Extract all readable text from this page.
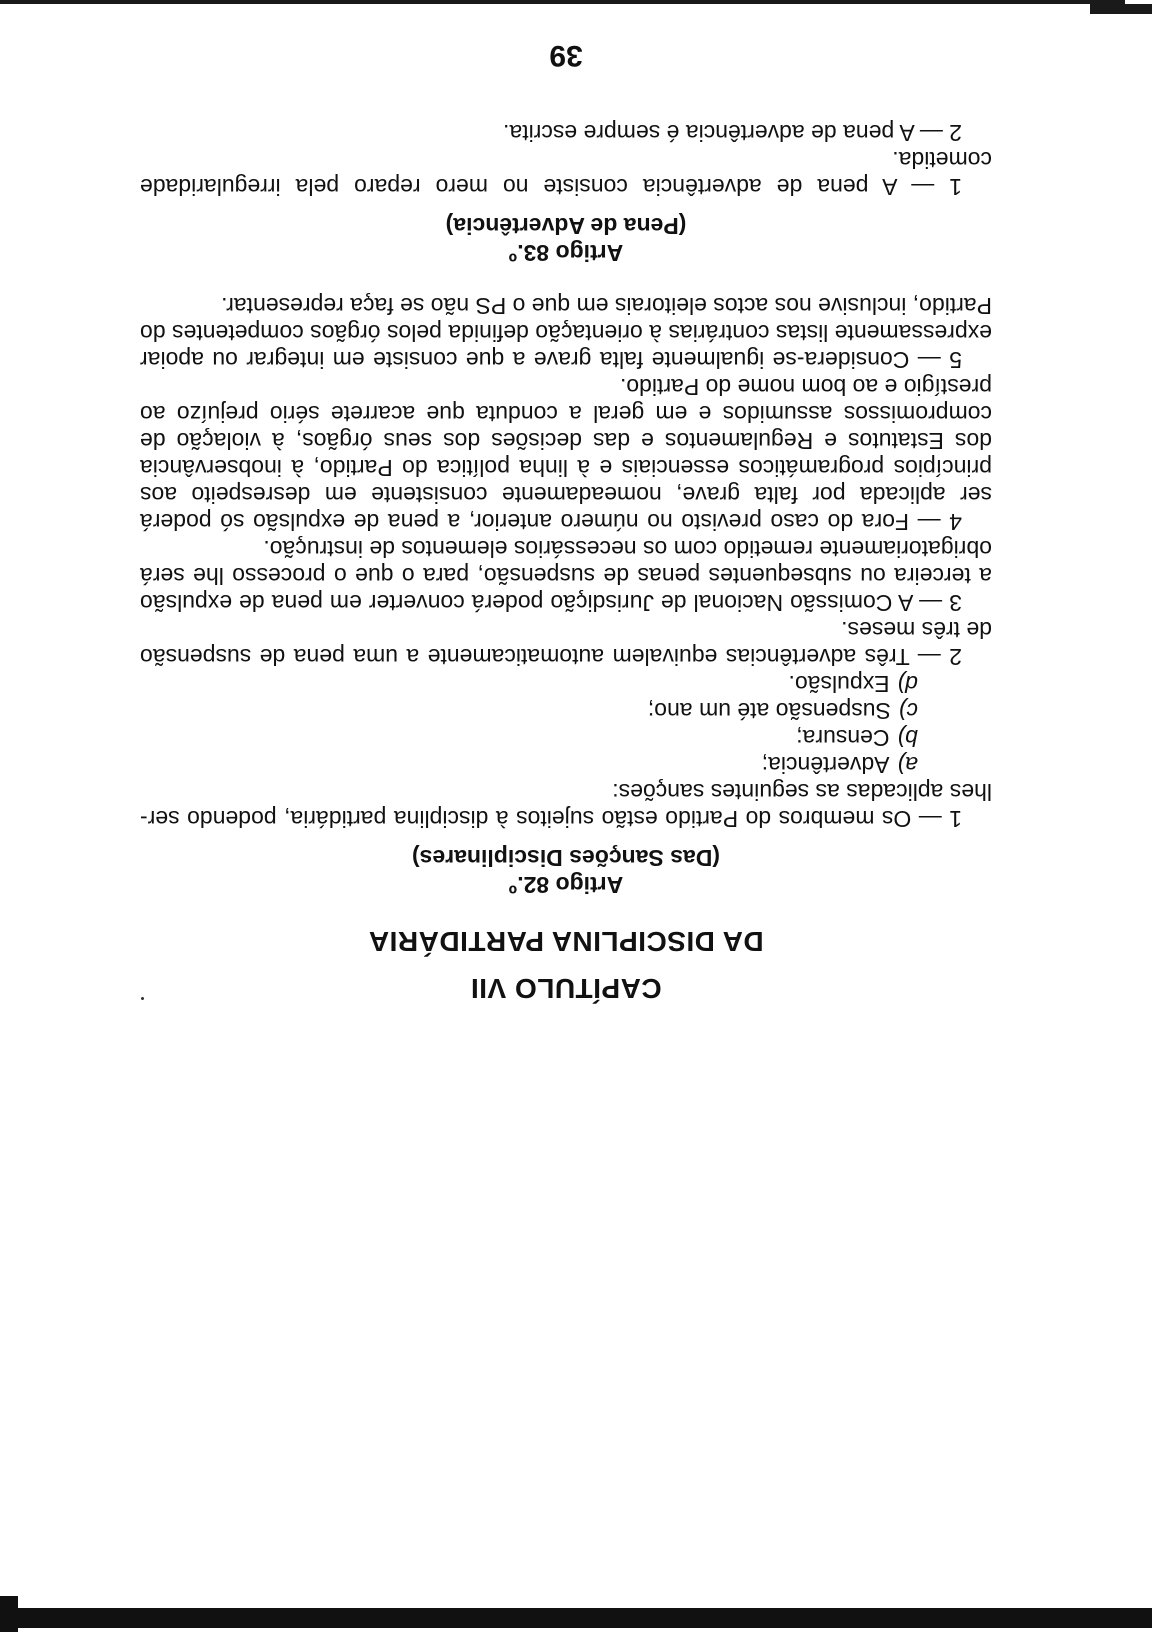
CAPÍTULO VII

DA DISCIPLINA PARTIDÁRIA

Artigo 82.º

(Das Sanções Disciplinares)

1 — Os membros do Partido estão sujeitos à disciplina partidária, podendo ser-lhes aplicadas as seguintes sanções:

a)Advertência;
b)Censura;
c)Suspensão até um ano;
d)Expulsão.

2 — Três advertências equivalem automaticamente a uma pena de suspensão de três meses.

3 — A Comissão Nacional de Jurisdição poderá converter em pena de expulsão a terceira ou subsequentes penas de suspensão, para o que o processo lhe será obrigatoriamente remetido com os necessários elementos de instrução.

4 — Fora do caso previsto no número anterior, a pena de expulsão só poderá ser aplicada por falta grave, nomeadamente consistente em desrespeito aos princípios programáticos essenciais e à linha política do Partido, à inobservância dos Estatutos e Regulamentos e das decisões dos seus órgãos, à violação de compromissos assumidos e em geral a conduta que acarrete sério prejuízo ao prestígio e ao bom nome do Partido.

5 — Considera-se igualmente falta grave a que consiste em integrar ou apoiar expressamente listas contrárias à orientação definida pelos órgãos competentes do Partido, inclusive nos actos eleitorais em que o PS não se faça representar.

Artigo 83.º

(Pena de Advertência)

1 — A pena de advertência consiste no mero reparo pela irregularidade cometida.

2 — A pena de advertência é sempre escrita.

39
